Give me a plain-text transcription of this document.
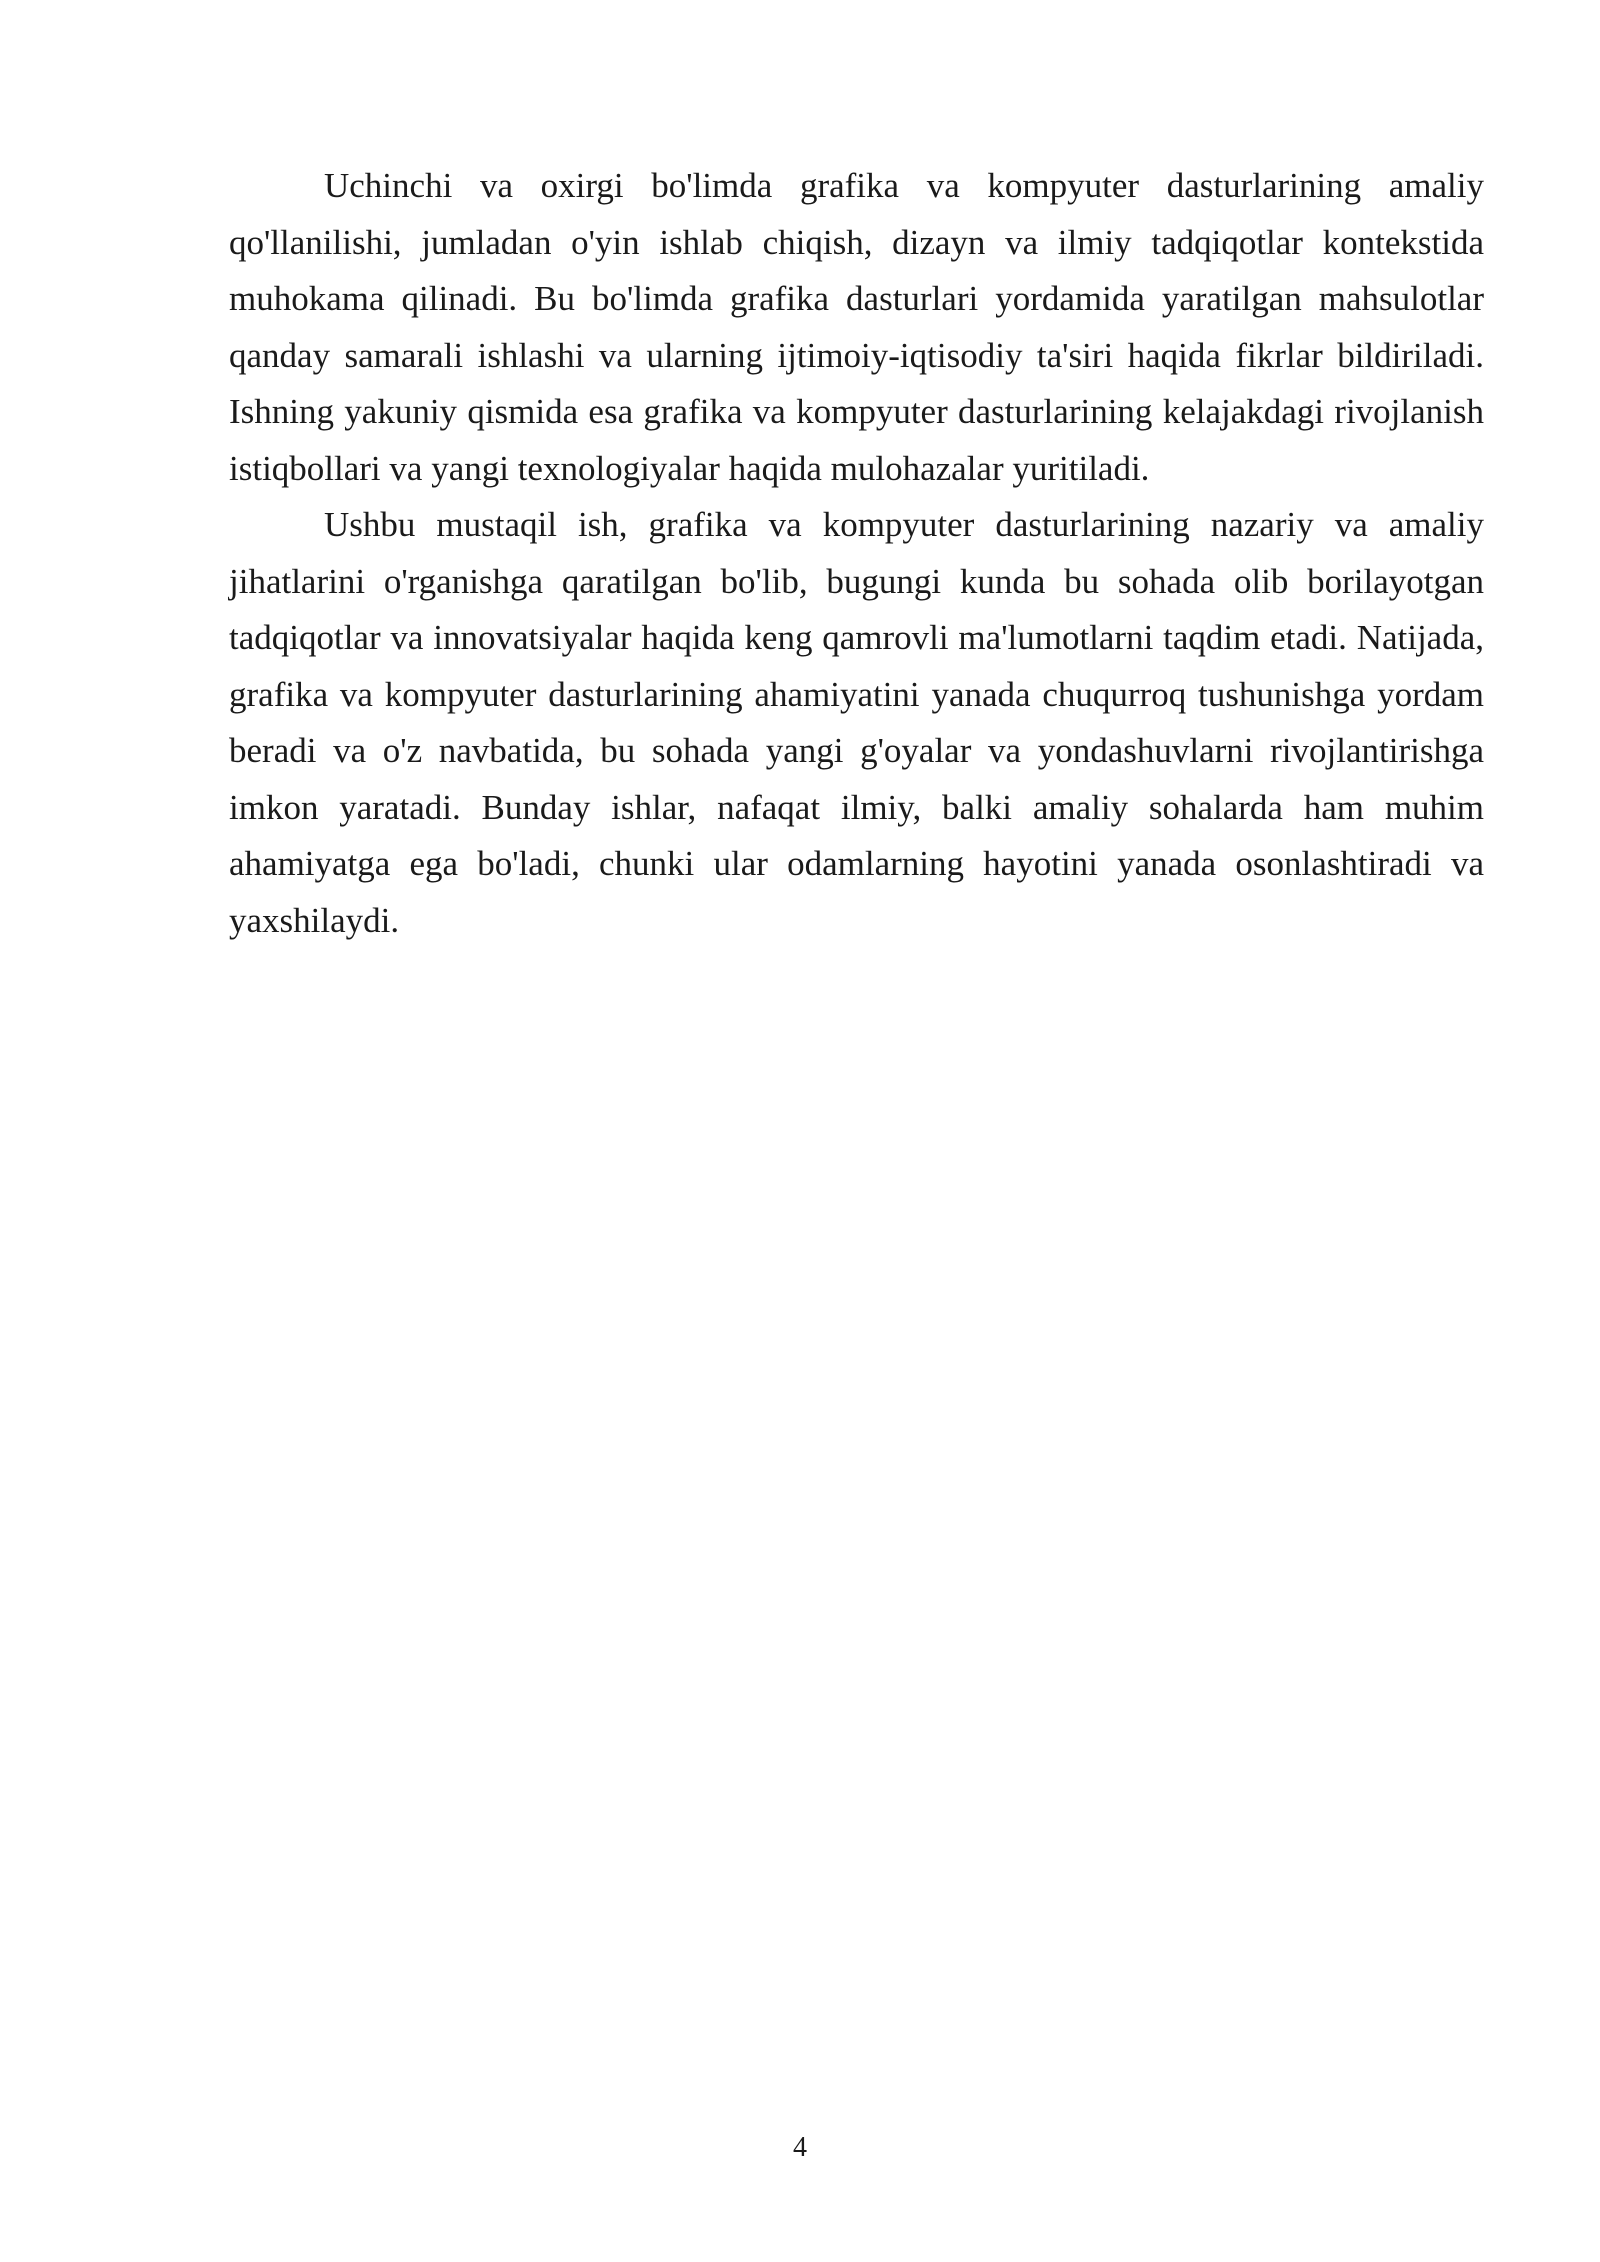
Uchinchi va oxirgi bo'limda grafika va kompyuter dasturlarining amaliy qo'llanilishi, jumladan o'yin ishlab chiqish, dizayn va ilmiy tadqiqotlar kontekstida muhokama qilinadi. Bu bo'limda grafika dasturlari yordamida yaratilgan mahsulotlar qanday samarali ishlashi va ularning ijtimoiy-iqtisodiy ta'siri haqida fikrlar bildiriladi. Ishning yakuniy qismida esa grafika va kompyuter dasturlarining kelajakdagi rivojlanish istiqbollari va yangi texnologiyalar haqida mulohazalar yuritiladi.

Ushbu mustaqil ish, grafika va kompyuter dasturlarining nazariy va amaliy jihatlarini o'rganishga qaratilgan bo'lib, bugungi kunda bu sohada olib borilayotgan tadqiqotlar va innovatsiyalar haqida keng qamrovli ma'lumotlarni taqdim etadi. Natijada, grafika va kompyuter dasturlarining ahamiyatini yanada chuqurroq tushunishga yordam beradi va o'z navbatida, bu sohada yangi g'oyalar va yondashuvlarni rivojlantirishga imkon yaratadi. Bunday ishlar, nafaqat ilmiy, balki amaliy sohalarda ham muhim ahamiyatga ega bo'ladi, chunki ular odamlarning hayotini yanada osonlashtiradi va yaxshilaydi.

4
